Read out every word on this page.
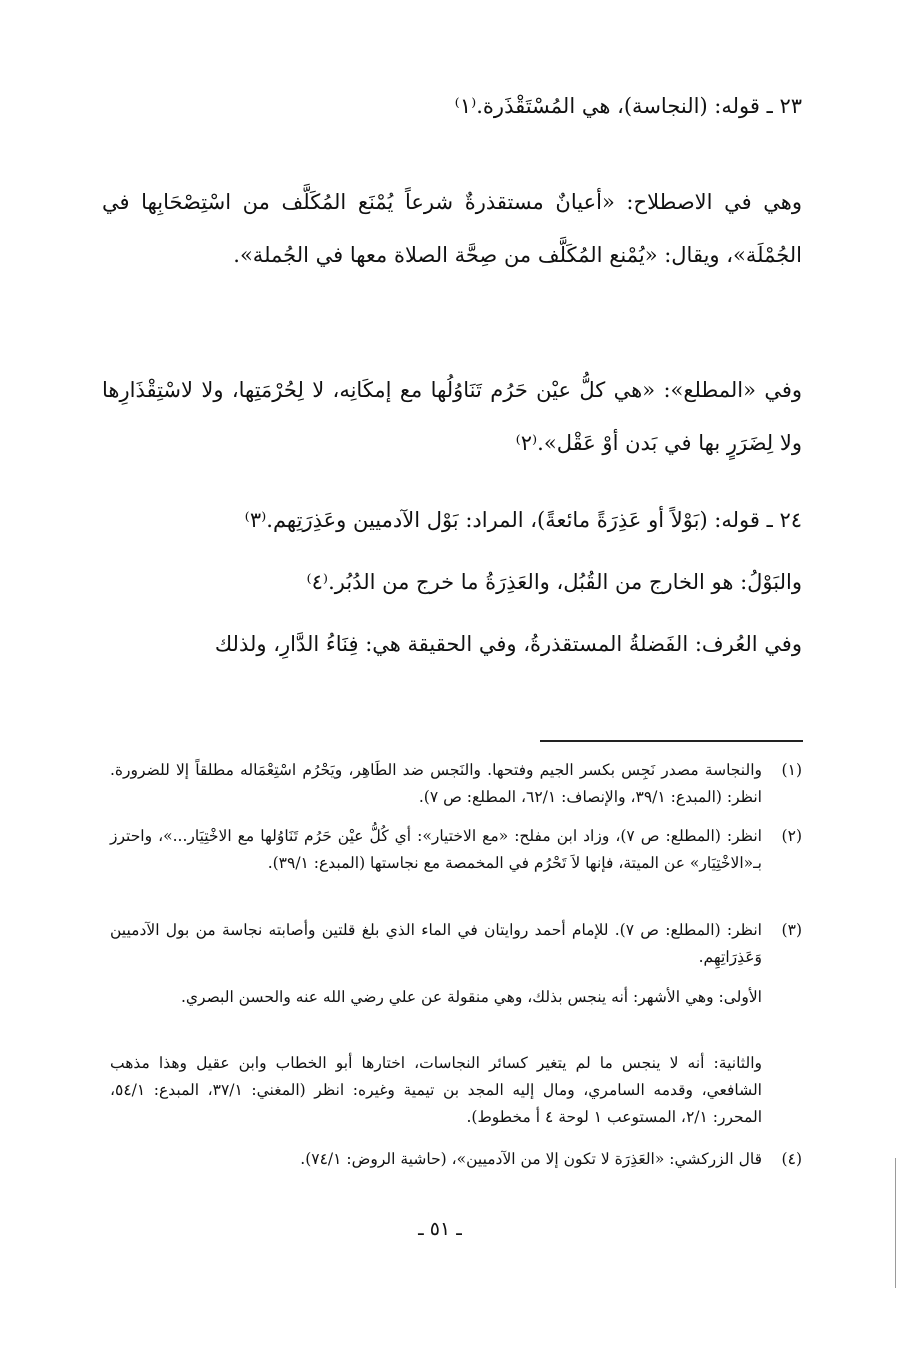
٢٣ ـ قوله: (النجاسة)، هي المُسْتَقْذَرة.⁽١⁾
وهي في الاصطلاح: «أعيانٌ مستقذرةٌ شرعاً يُمْنَع المُكَلَّف من اسْتِصْحَابِها في الجُمْلَة»، ويقال: «يُمْنع المُكَلَّف من صِحَّة الصلاة معها في الجُملة».
وفي «المطلع»: «هي كلُّ عيْن حَرُم تَنَاوُلُها مع إمكَانِه، لا لِحُرْمَتِها، ولا لاسْتِقْذَارِها ولا لِضَرَرٍ بها في بَدن أوْ عَقْل».⁽٢⁾
٢٤ ـ قوله: (بَوْلاً أو عَذِرَةً مائعةً)، المراد: بَوْل الآدميين وعَذِرَتِهم.⁽٣⁾
والبَوْلُ: هو الخارج من القُبُل، والعَذِرَةُ ما خرج من الدُبُر.⁽٤⁾
وفي العُرف: الفَضلةُ المستقذرةُ، وفي الحقيقة هي: فِنَاءُ الدَّارِ، ولذلك
(١)
والنجاسة مصدر نَجِس بكسر الجيم وفتحها. والنَجس ضد الطَاهِر، ويَحْرُم اسْتِعْمَاله مطلقاً إلا للضرورة. انظر: (المبدع: ٣٩/١، والإنصاف: ٦٢/١، المطلع: ص ٧).
(٢)
انظر: (المطلع: ص ٧)، وزاد ابن مفلح: «مع الاختيار»: أي كُلُّ عيْن حَرُم تَنَاوُلها مع الاخْتِيَار...»، واحترز بـ«الاخْتِيَار» عن الميتة، فإنها لاَ تَحْرُم في المخمصة مع نجاستها (المبدع: ٣٩/١).
(٣)
انظر: (المطلع: ص ٧). للإمام أحمد روايتان في الماء الذي بلغ قلتين وأصابته نجاسة من بول الآدميين وَعَذِرَاتِهِم.
الأولى: وهي الأشهر: أنه ينجس بذلك، وهي منقولة عن علي رضي الله عنه والحسن البصري.
والثانية: أنه لا ينجس ما لم يتغير كسائر النجاسات، اختارها أبو الخطاب وابن عقيل وهذا مذهب الشافعي، وقدمه السامري، ومال إليه المجد بن تيمية وغيره: انظر (المغني: ٣٧/١، المبدع: ٥٤/١، المحرر: ٢/١، المستوعب ١ لوحة ٤ أ مخطوط).
(٤)
قال الزركشي: «العَذِرَة لا تكون إلا من الآدميين»، (حاشية الروض: ٧٤/١).
ـ ٥١ ـ
